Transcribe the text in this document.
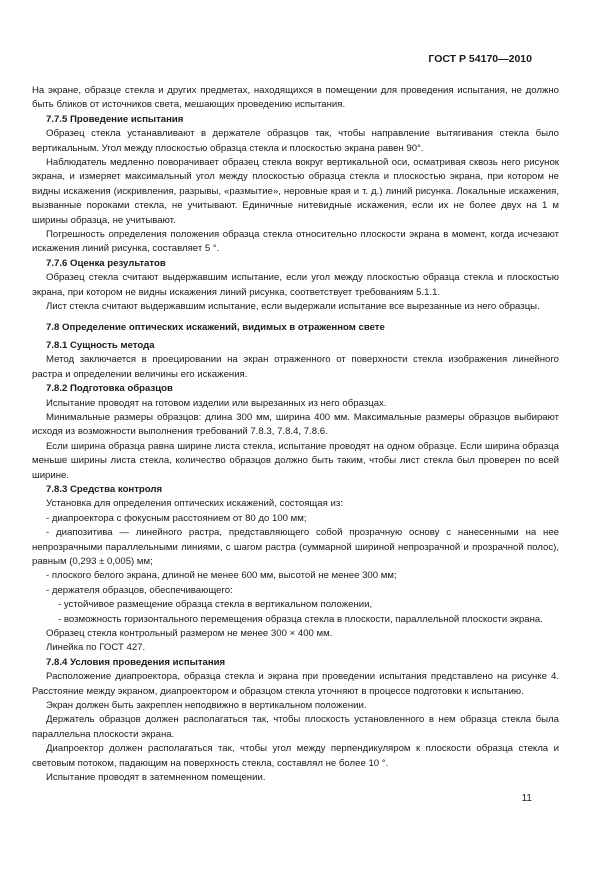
ГОСТ Р 54170—2010

На экране, образце стекла и других предметах, находящихся в помещении для проведения испытания, не должно быть бликов от источников света, мешающих проведению испытания.

7.7.5 Проведение испытания

Образец стекла устанавливают в держателе образцов так, чтобы направление вытягивания стекла было вертикальным. Угол между плоскостью образца стекла и плоскостью экрана равен 90°.

Наблюдатель медленно поворачивает образец стекла вокруг вертикальной оси, осматривая сквозь него рисунок экрана, и измеряет максимальный угол между плоскостью образца стекла и плоскостью экрана, при котором не видны искажения (искривления, разрывы, «размытие», неровные края и т. д.) линий рисунка. Локальные искажения, вызванные пороками стекла, не учитывают. Единичные нитевидные искажения, если их не более двух на 1 м ширины образца, не учитывают.

Погрешность определения положения образца стекла относительно плоскости экрана в момент, когда исчезают искажения линий рисунка, составляет 5 °.

7.7.6 Оценка результатов

Образец стекла считают выдержавшим испытание, если угол между плоскостью образца стекла и плоскостью экрана, при котором не видны искажения линий рисунка, соответствует требованиям 5.1.1.

Лист стекла считают выдержавшим испытание, если выдержали испытание все вырезанные из него образцы.

7.8 Определение оптических искажений, видимых в отраженном свете

7.8.1 Сущность метода

Метод заключается в проецировании на экран отраженного от поверхности стекла изображения линейного растра и определении величины его искажения.

7.8.2 Подготовка образцов

Испытание проводят на готовом изделии или вырезанных из него образцах.

Минимальные размеры образцов: длина 300 мм, ширина 400 мм. Максимальные размеры образцов выбирают исходя из возможности выполнения требований 7.8.3, 7.8.4, 7.8.6.

Если ширина образца равна ширине листа стекла, испытание проводят на одном образце. Если ширина образца меньше ширины листа стекла, количество образцов должно быть таким, чтобы лист стекла был проверен по всей ширине.

7.8.3 Средства контроля

Установка для определения оптических искажений, состоящая из:

- диапроектора с фокусным расстоянием от 80 до 100 мм;

- диапозитива — линейного растра, представляющего собой прозрачную основу с нанесенными на нее непрозрачными параллельными линиями, с шагом растра (суммарной шириной непрозрачной и прозрачной полос), равным (0,293 ± 0,005) мм;

- плоского белого экрана, длиной не менее 600 мм, высотой не менее 300 мм;

- держателя образцов, обеспечивающего:

- устойчивое размещение образца стекла в вертикальном положении,

- возможность горизонтального перемещения образца стекла в плоскости, параллельной плоскости экрана.

Образец стекла контрольный размером не менее 300 × 400 мм.

Линейка по ГОСТ 427.

7.8.4 Условия проведения испытания

Расположение диапроектора, образца стекла и экрана при проведении испытания представлено на рисунке 4. Расстояние между экраном, диапроектором и образцом стекла уточняют в процессе подготовки к испытанию.

Экран должен быть закреплен неподвижно в вертикальном положении.

Держатель образцов должен располагаться так, чтобы плоскость установленного в нем образца стекла была параллельна плоскости экрана.

Диапроектор должен располагаться так, чтобы угол между перпендикуляром к плоскости образца стекла и световым потоком, падающим на поверхность стекла, составлял не более 10 °.

Испытание проводят в затемненном помещении.

11
